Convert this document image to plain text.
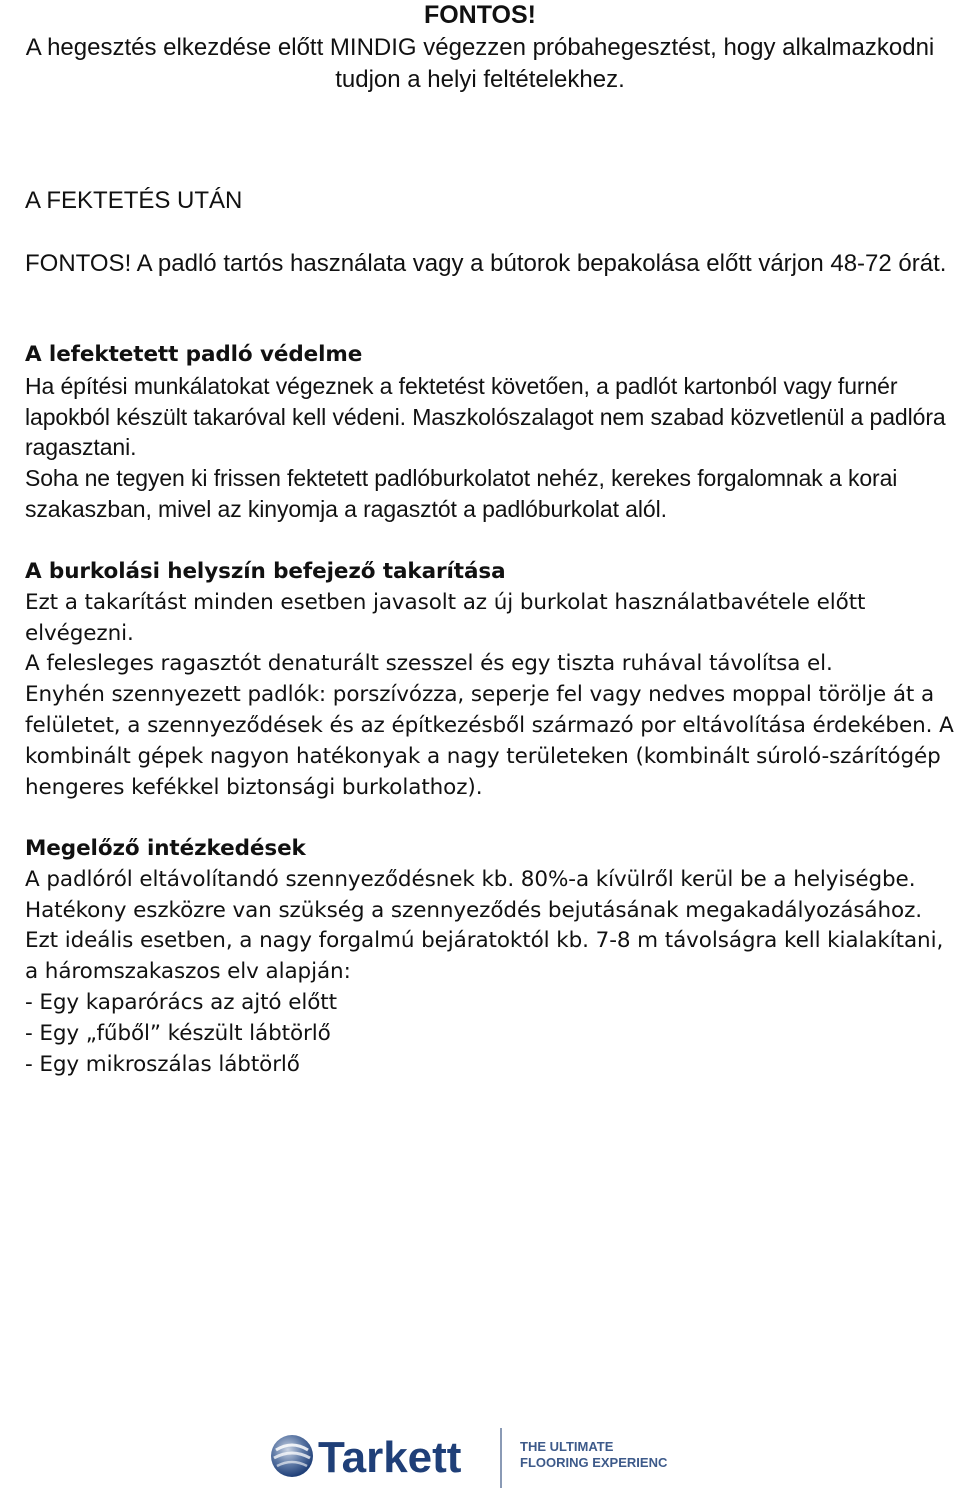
FONTOS!
A hegesztés elkezdése előtt MINDIG végezzen próbahegesztést, hogy alkalmazkodni tudjon a helyi feltételekhez.
A FEKTETÉS UTÁN
FONTOS! A padló tartós használata vagy a bútorok bepakolása előtt várjon 48-72 órát.
A lefektetett padló védelme

Ha építési munkálatokat végeznek a fektetést követően, a padlót kartonból vagy furnér lapokból készült takaróval kell védeni. Maszkolószalagot nem szabad közvetlenül a padlóra ragasztani.

Soha ne tegyen ki frissen fektetett padlóburkolatot nehéz, kerekes forgalomnak a korai szakaszban, mivel az kinyomja a ragasztót a padlóburkolat alól.

A burkolási helyszín befejező takarítása

Ezt a takarítást minden esetben javasolt az új burkolat használatbavétele előtt elvégezni.

A felesleges ragasztót denaturált szesszel és egy tiszta ruhával távolítsa el.

Enyhén szennyezett padlók: porszívózza, seperje fel vagy nedves moppal törölje át a felületet, a szennyeződések és az építkezésből származó por eltávolítása érdekében. A kombinált gépek nagyon hatékonyak a nagy területeken (kombinált súroló-szárítógép hengeres kefékkel biztonsági burkolathoz).

Megelőző intézkedések

A padlóról eltávolítandó szennyeződésnek kb. 80%-a kívülről kerül be a helyiségbe. Hatékony eszközre van szükség a szennyeződés bejutásának megakadályozásához.

Ezt ideális esetben, a nagy forgalmú bejáratoktól kb. 7-8 m távolságra kell kialakítani, a háromszakaszos elv alapján:

- Egy kaparórács az ajtó előtt

- Egy „fűből” készült lábtörlő

- Egy mikroszálas lábtörlő

Tarkett	THE ULTIMATE
FLOORING EXPERIENCE
